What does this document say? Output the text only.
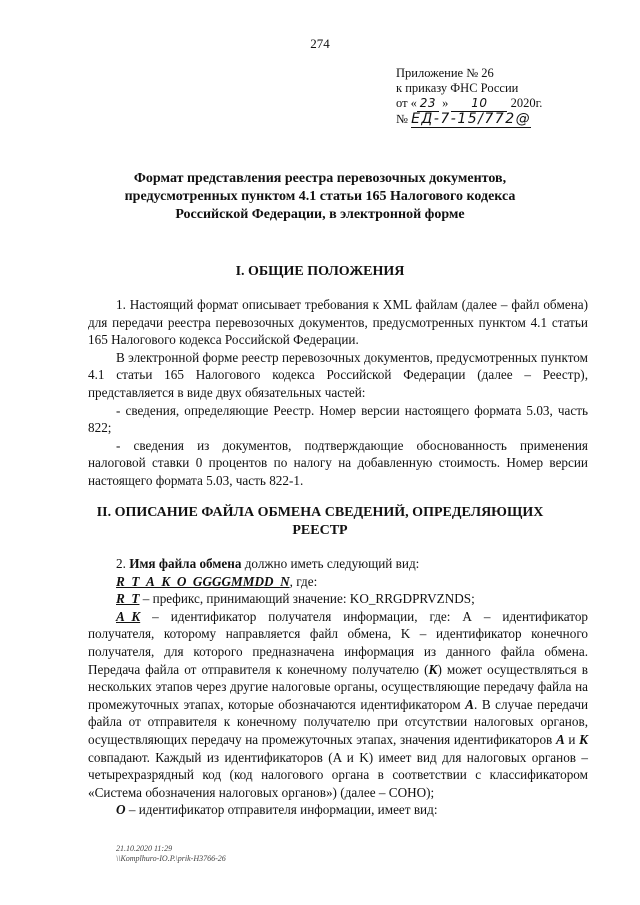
274
Приложение № 26
к приказу ФНС России
от « 23 » 10 2020г.
№ ЕД-7-15/772@
Формат представления реестра перевозочных документов,
предусмотренных пунктом 4.1 статьи 165 Налогового кодекса
Российской Федерации, в электронной форме
I. ОБЩИЕ ПОЛОЖЕНИЯ

1. Настоящий формат описывает требования к XML файлам (далее – файл обмена) для передачи реестра перевозочных документов, предусмотренных пунктом 4.1 статьи 165 Налогового кодекса Российской Федерации.

В электронной форме реестр перевозочных документов, предусмотренных пунктом 4.1 статьи 165 Налогового кодекса Российской Федерации (далее – Реестр), представляется в виде двух обязательных частей:

- сведения, определяющие Реестр. Номер версии настоящего формата 5.03, часть 822;

- сведения из документов, подтверждающие обоснованность применения налоговой ставки 0 процентов по налогу на добавленную стоимость. Номер версии настоящего формата 5.03, часть 822-1.

II. ОПИСАНИЕ ФАЙЛА ОБМЕНА СВЕДЕНИЙ, ОПРЕДЕЛЯЮЩИХ
РЕЕСТР

2. Имя файла обмена должно иметь следующий вид:

R_T_A_K_O_GGGGMMDD_N, где:

R_T – префикс, принимающий значение: KO_RRGDPRVZNDS;

A_K – идентификатор получателя информации, где: А – идентификатор получателя, которому направляется файл обмена, K – идентификатор конечного получателя, для которого предназначена информация из данного файла обмена. Передача файла от отправителя к конечному получателю (К) может осуществляться в нескольких этапов через другие налоговые органы, осуществляющие передачу файла на промежуточных этапах, которые обозначаются идентификатором А. В случае передачи файла от отправителя к конечному получателю при отсутствии налоговых органов, осуществляющих передачу на промежуточных этапах, значения идентификаторов А и К совпадают. Каждый из идентификаторов (A и K) имеет вид для налоговых органов – четырехразрядный код (код налогового органа в соответствии с классификатором «Система обозначения налоговых органов») (далее – СОНО);

O – идентификатор отправителя информации, имеет вид:

21.10.2020 11:29
\\Komplhuro-IO.P.\prik-H3766-26
